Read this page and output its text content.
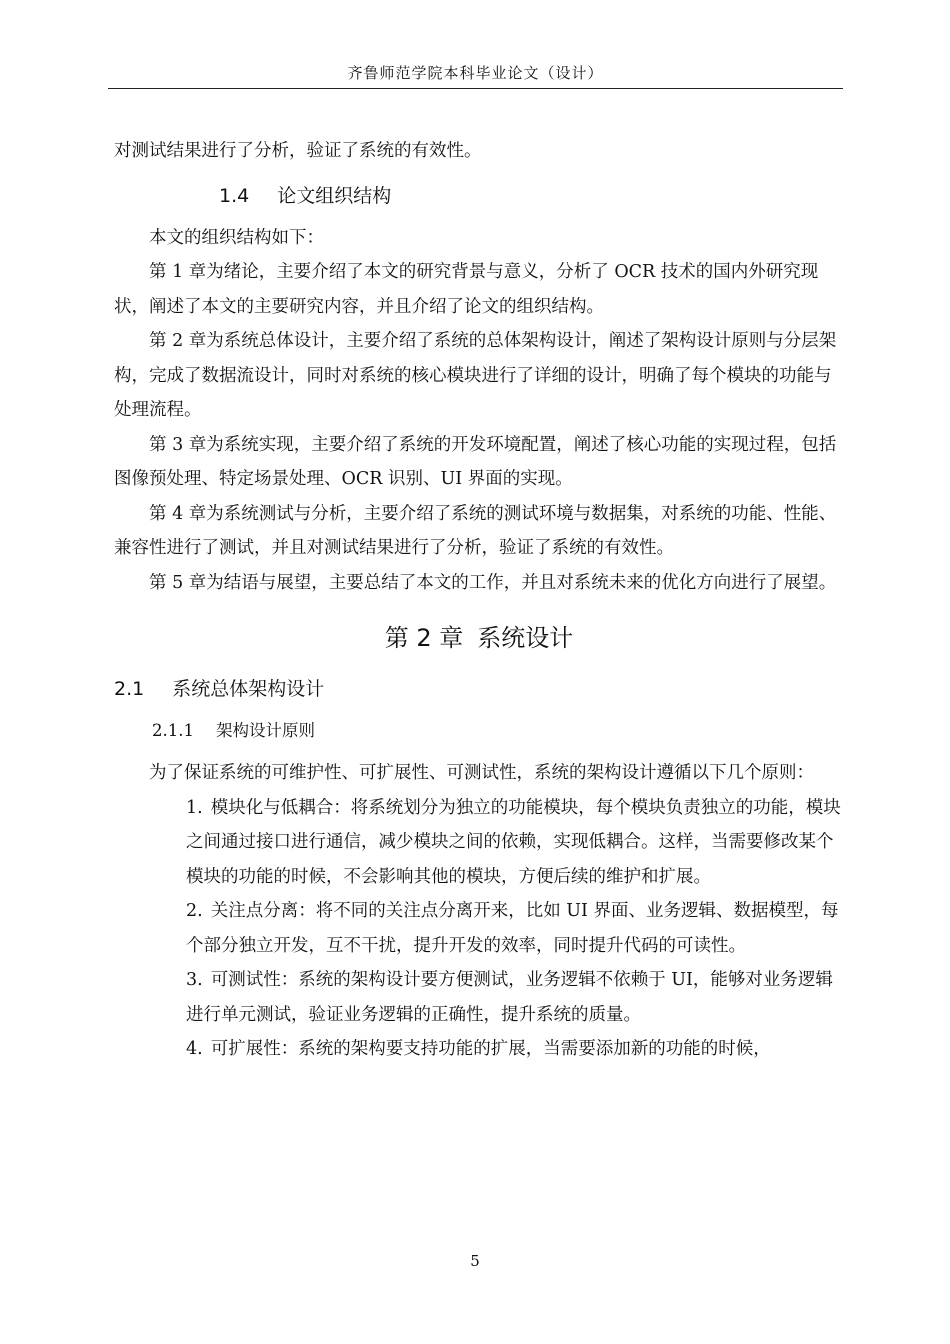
齐鲁师范学院本科毕业论文（设计）

对测试结果进行了分析，验证了系统的有效性。

1.4 论文组织结构

本文的组织结构如下：

第 1 章为绪论，主要介绍了本文的研究背景与意义，分析了 OCR 技术的国内外研究现状，阐述了本文的主要研究内容，并且介绍了论文的组织结构。

第 2 章为系统总体设计，主要介绍了系统的总体架构设计，阐述了架构设计原则与分层架构，完成了数据流设计，同时对系统的核心模块进行了详细的设计，明确了每个模块的功能与处理流程。

第 3 章为系统实现，主要介绍了系统的开发环境配置，阐述了核心功能的实现过程，包括图像预处理、特定场景处理、OCR 识别、UI 界面的实现。

第 4 章为系统测试与分析，主要介绍了系统的测试环境与数据集，对系统的功能、性能、兼容性进行了测试，并且对测试结果进行了分析，验证了系统的有效性。

第 5 章为结语与展望，主要总结了本文的工作，并且对系统未来的优化方向进行了展望。

第 2 章 系统设计
2.1 系统总体架构设计
2.1.1 架构设计原则

为了保证系统的可维护性、可扩展性、可测试性，系统的架构设计遵循以下几个原则：

1. 模块化与低耦合：将系统划分为独立的功能模块，每个模块负责独立的功能，模块之间通过接口进行通信，减少模块之间的依赖，实现低耦合。这样，当需要修改某个模块的功能的时候，不会影响其他的模块，方便后续的维护和扩展。

2. 关注点分离：将不同的关注点分离开来，比如 UI 界面、业务逻辑、数据模型，每个部分独立开发，互不干扰，提升开发的效率，同时提升代码的可读性。

3. 可测试性：系统的架构设计要方便测试，业务逻辑不依赖于 UI，能够对业务逻辑进行单元测试，验证业务逻辑的正确性，提升系统的质量。

4. 可扩展性：系统的架构要支持功能的扩展，当需要添加新的功能的时候，

5
